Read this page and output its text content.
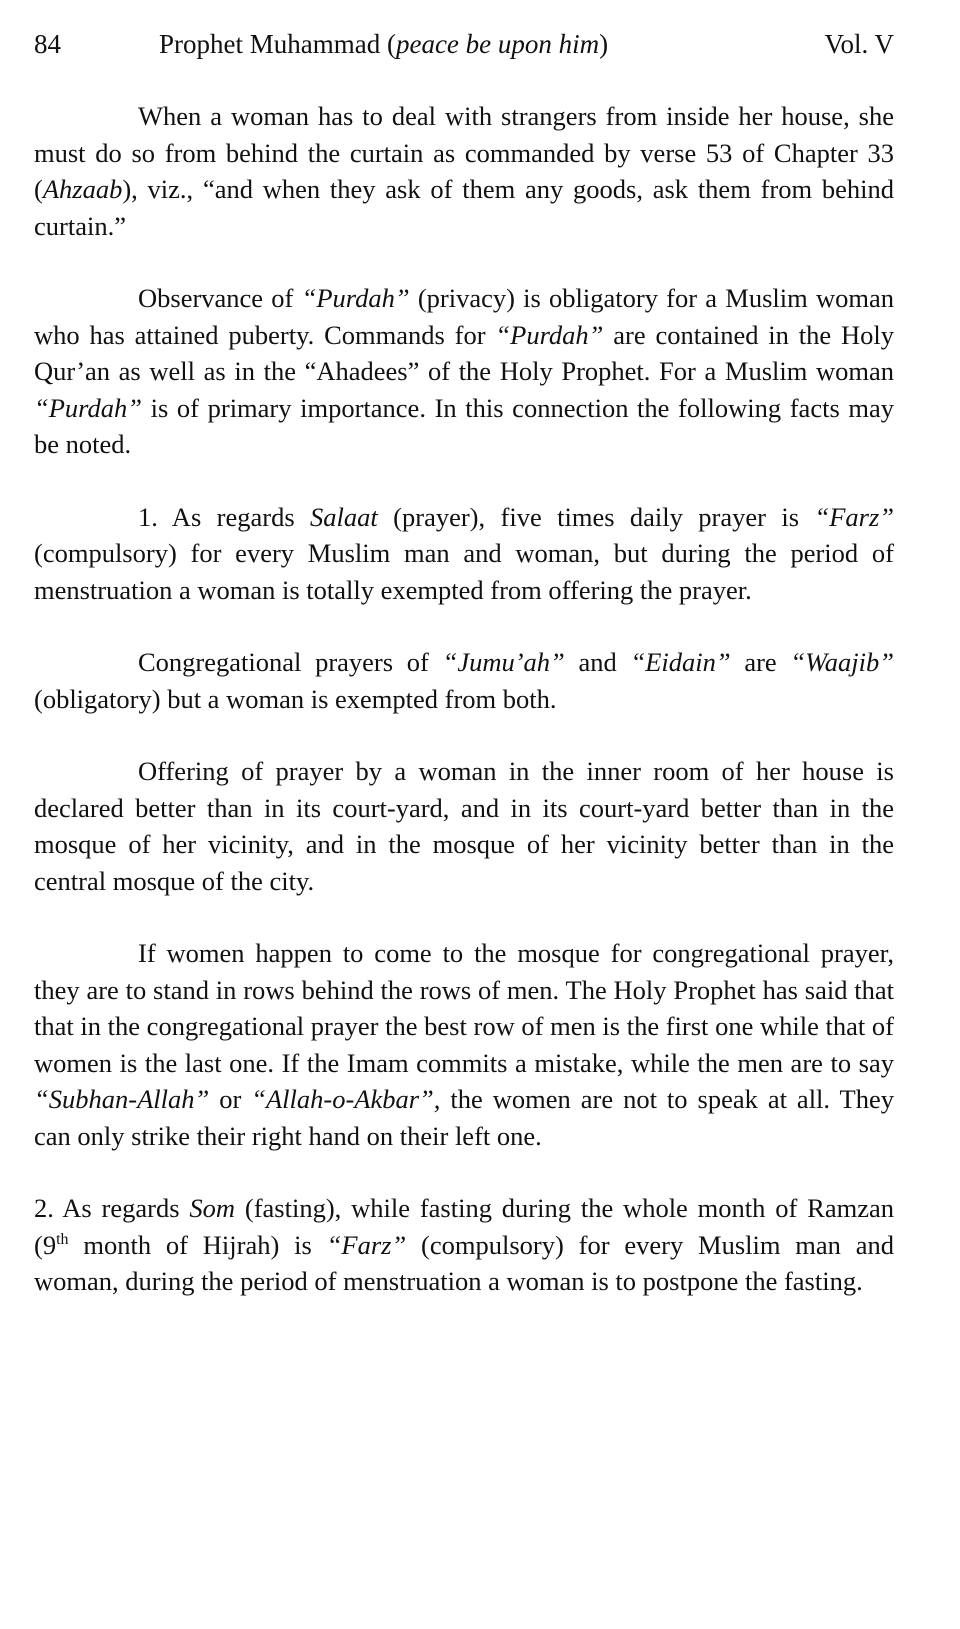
84	Prophet Muhammad (peace be upon him)	Vol. V

When a woman has to deal with strangers from inside her house, she must do so from behind the curtain as commanded by verse 53 of Chapter 33 (Ahzaab), viz., “and when they ask of them any goods, ask them from behind curtain.”

Observance of “Purdah” (privacy) is obligatory for a Muslim woman who has attained puberty. Commands for “Purdah” are contained in the Holy Qur’an as well as in the “Ahadees” of the Holy Prophet. For a Muslim woman “Purdah” is of primary importance. In this connection the following facts may be noted.

1. As regards Salaat (prayer), five times daily prayer is “Farz” (compulsory) for every Muslim man and woman, but during the period of menstruation a woman is totally exempted from offering the prayer.

Congregational prayers of “Jumu’ah” and “Eidain” are “Waajib” (obligatory) but a woman is exempted from both.

Offering of prayer by a woman in the inner room of her house is declared better than in its court-yard, and in its court-yard better than in the mosque of her vicinity, and in the mosque of her vicinity better than in the central mosque of the city.

If women happen to come to the mosque for congregational prayer, they are to stand in rows behind the rows of men. The Holy Prophet has said that that in the congregational prayer the best row of men is the first one while that of women is the last one. If the Imam commits a mistake, while the men are to say “Subhan-Allah” or “Allah-o-Akbar”, the women are not to speak at all. They can only strike their right hand on their left one.

2. As regards Som (fasting), while fasting during the whole month of Ramzan (9th month of Hijrah) is “Farz” (compulsory) for every Muslim man and woman, during the period of menstruation a woman is to postpone the fasting.
